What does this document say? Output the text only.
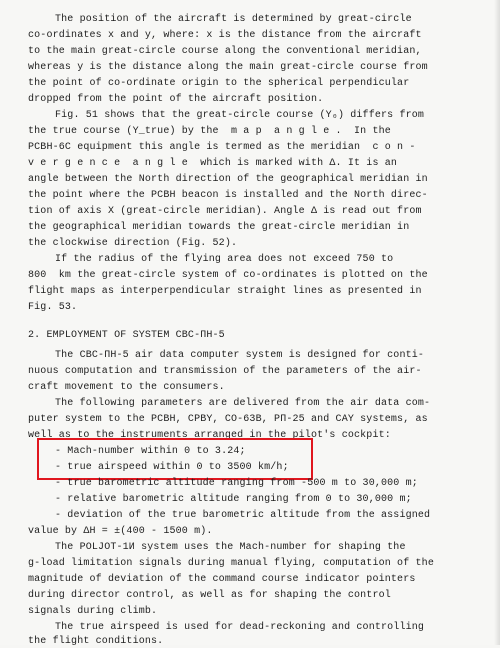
The position of the aircraft is determined by great-circle
co-ordinates x and y, where: x is the distance from the aircraft
to the main great-circle course along the conventional meridian,
whereas y is the distance along the main great-circle course from
the point of co-ordinate origin to the spherical perpendicular
dropped from the point of the aircraft position.
Fig. 51 shows that the great-circle course (Y₀) differs from
the true course (Y_true) by the  m a p  a n g l e .  In the
PCBH-6C equipment this angle is termed as the meridian  c o n -
v e r g e n c e  a n g l e  which is marked with Δ. It is an
angle between the North direction of the geographical meridian in
the point where the PCBH beacon is installed and the North direc-
tion of axis X (great-circle meridian). Angle Δ is read out from
the geographical meridian towards the great-circle meridian in
the clockwise direction (Fig. 52).
If the radius of the flying area does not exceed 750 to
800  km the great-circle system of co-ordinates is plotted on the
flight maps as interperpendicular straight lines as presented in
Fig. 53.
2. EMPLOYMENT OF SYSTEM CBC-ПН-5
The CBC-ПН-5 air data computer system is designed for conti-
nuous computation and transmission of the parameters of the air-
craft movement to the consumers.
The following parameters are delivered from the air data com-
puter system to the PCBH, CPBY, CO-63B, PП-25 and CAY systems, as
well as to the instruments arranged in the pilot's cockpit:
- Mach-number within 0 to 3.24;
- true airspeed within 0 to 3500 km/h;
- true barometric altitude ranging from -500 m to 30,000 m;
- relative barometric altitude ranging from 0 to 30,000 m;
- deviation of the true barometric altitude from the assigned
value by ΔH = ±(400 - 1500 m).
The POLJOT-1И system uses the Mach-number for shaping the
g-load limitation signals during manual flying, computation of the
magnitude of deviation of the command course indicator pointers
during director control, as well as for shaping the control
signals during climb.
The true airspeed is used for dead-reckoning and controlling
the flight conditions.
